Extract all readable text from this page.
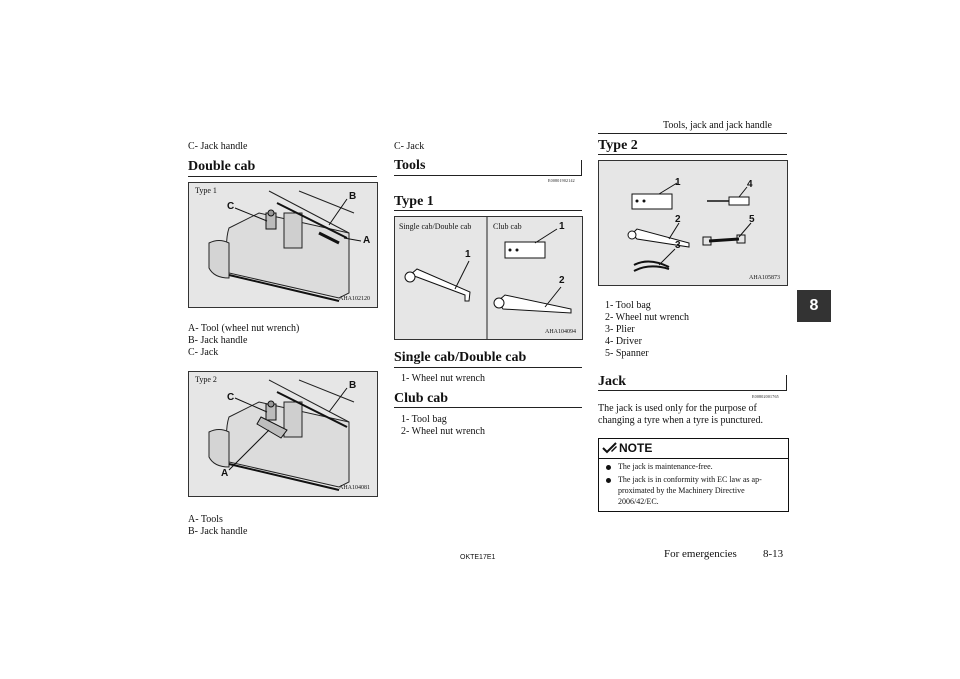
Tools, jack and jack handle
C- Jack handle
Double cab
Type 1
B
C
A
AHA102120
A- Tool (wheel nut wrench)
B- Jack handle
C- Jack
Type 2
B
C
A
AHA104081
A- Tools
B- Jack handle
C- Jack
Tools
E00801902142
Type 1
Single cab/Double cab	Club cab
1
1
2
AHA104094
Single cab/Double cab
1- Wheel nut wrench
Club cab
1- Tool bag
2- Wheel nut wrench
Type 2
1	4
2	5
3
AHA105873
1- Tool bag
2- Wheel nut wrench
3- Plier
4- Driver
5- Spanner
Jack
E00802001765
The jack is used only for the purpose of
changing a tyre when a tyre is punctured.
NOTE
The jack is maintenance-free.
The jack is in conformity with EC law as ap-
proximated by the Machinery Directive
2006/42/EC.
8
OKTE17E1	For emergencies 8-13
